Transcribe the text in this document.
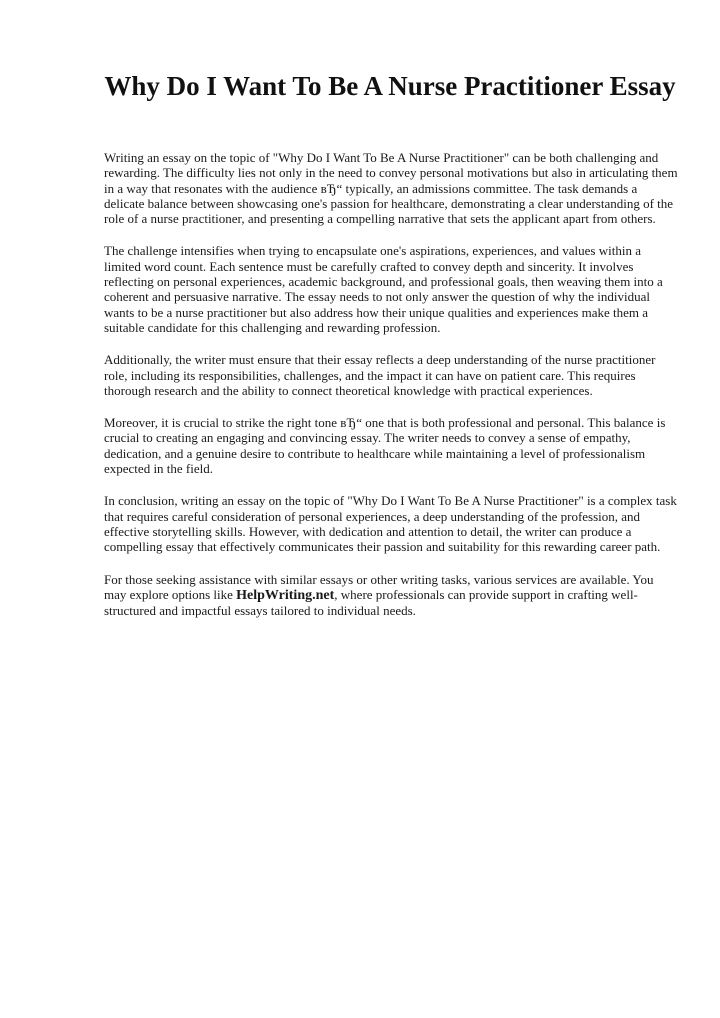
Why Do I Want To Be A Nurse Practitioner Essay

Writing an essay on the topic of "Why Do I Want To Be A Nurse Practitioner" can be both challenging and rewarding. The difficulty lies not only in the need to convey personal motivations but also in articulating them in a way that resonates with the audience вЂ“ typically, an admissions committee. The task demands a delicate balance between showcasing one's passion for healthcare, demonstrating a clear understanding of the role of a nurse practitioner, and presenting a compelling narrative that sets the applicant apart from others.

The challenge intensifies when trying to encapsulate one's aspirations, experiences, and values within a limited word count. Each sentence must be carefully crafted to convey depth and sincerity. It involves reflecting on personal experiences, academic background, and professional goals, then weaving them into a coherent and persuasive narrative. The essay needs to not only answer the question of why the individual wants to be a nurse practitioner but also address how their unique qualities and experiences make them a suitable candidate for this challenging and rewarding profession.

Additionally, the writer must ensure that their essay reflects a deep understanding of the nurse practitioner role, including its responsibilities, challenges, and the impact it can have on patient care. This requires thorough research and the ability to connect theoretical knowledge with practical experiences.

Moreover, it is crucial to strike the right tone вЂ“ one that is both professional and personal. This balance is crucial to creating an engaging and convincing essay. The writer needs to convey a sense of empathy, dedication, and a genuine desire to contribute to healthcare while maintaining a level of professionalism expected in the field.

In conclusion, writing an essay on the topic of "Why Do I Want To Be A Nurse Practitioner" is a complex task that requires careful consideration of personal experiences, a deep understanding of the profession, and effective storytelling skills. However, with dedication and attention to detail, the writer can produce a compelling essay that effectively communicates their passion and suitability for this rewarding career path.

For those seeking assistance with similar essays or other writing tasks, various services are available. You may explore options like HelpWriting.net, where professionals can provide support in crafting well-structured and impactful essays tailored to individual needs.
